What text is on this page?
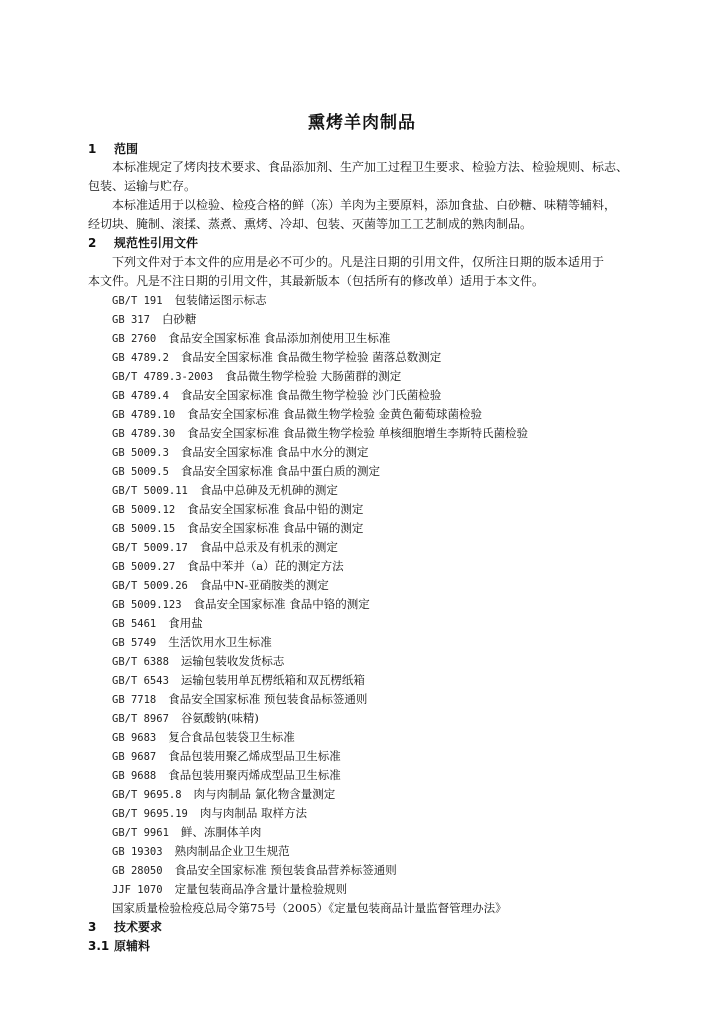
熏烤羊肉制品
1 范围
本标准规定了烤肉技术要求、食品添加剂、生产加工过程卫生要求、检验方法、检验规则、标志、
包装、运输与贮存。
本标准适用于以检验、检疫合格的鲜（冻）羊肉为主要原料，添加食盐、白砂糖、味精等辅料，
经切块、腌制、滚揉、蒸煮、熏烤、冷却、包装、灭菌等加工工艺制成的熟肉制品。
2 规范性引用文件
下列文件对于本文件的应用是必不可少的。凡是注日期的引用文件，仅所注日期的版本适用于
本文件。凡是不注日期的引用文件，其最新版本（包括所有的修改单）适用于本文件。
GB/T 191 包装储运图示标志
GB 317 白砂糖
GB 2760 食品安全国家标准 食品添加剂使用卫生标准
GB 4789.2 食品安全国家标准 食品微生物学检验 菌落总数测定
GB/T 4789.3-2003 食品微生物学检验 大肠菌群的测定
GB 4789.4 食品安全国家标准 食品微生物学检验 沙门氏菌检验
GB 4789.10 食品安全国家标准 食品微生物学检验 金黄色葡萄球菌检验
GB 4789.30 食品安全国家标准 食品微生物学检验 单核细胞增生李斯特氏菌检验
GB 5009.3 食品安全国家标准 食品中水分的测定
GB 5009.5 食品安全国家标准 食品中蛋白质的测定
GB/T 5009.11 食品中总砷及无机砷的测定
GB 5009.12 食品安全国家标准 食品中铅的测定
GB 5009.15 食品安全国家标准 食品中镉的测定
GB/T 5009.17 食品中总汞及有机汞的测定
GB 5009.27 食品中苯并（a）芘的测定方法
GB/T 5009.26 食品中N-亚硝胺类的测定
GB 5009.123 食品安全国家标准 食品中铬的测定
GB 5461 食用盐
GB 5749 生活饮用水卫生标准
GB/T 6388 运输包装收发货标志
GB/T 6543 运输包装用单瓦楞纸箱和双瓦楞纸箱
GB 7718 食品安全国家标准 预包装食品标签通则
GB/T 8967 谷氨酸钠(味精)
GB 9683 复合食品包装袋卫生标准
GB 9687 食品包装用聚乙烯成型品卫生标准
GB 9688 食品包装用聚丙烯成型品卫生标准
GB/T 9695.8 肉与肉制品 氯化物含量测定
GB/T 9695.19 肉与肉制品 取样方法
GB/T 9961 鲜、冻胴体羊肉
GB 19303 熟肉制品企业卫生规范
GB 28050 食品安全国家标准 预包装食品营养标签通则
JJF 1070 定量包装商品净含量计量检验规则
国家质量检验检疫总局令第75号（2005）《定量包装商品计量监督管理办法》
3 技术要求
3.1 原辅料
